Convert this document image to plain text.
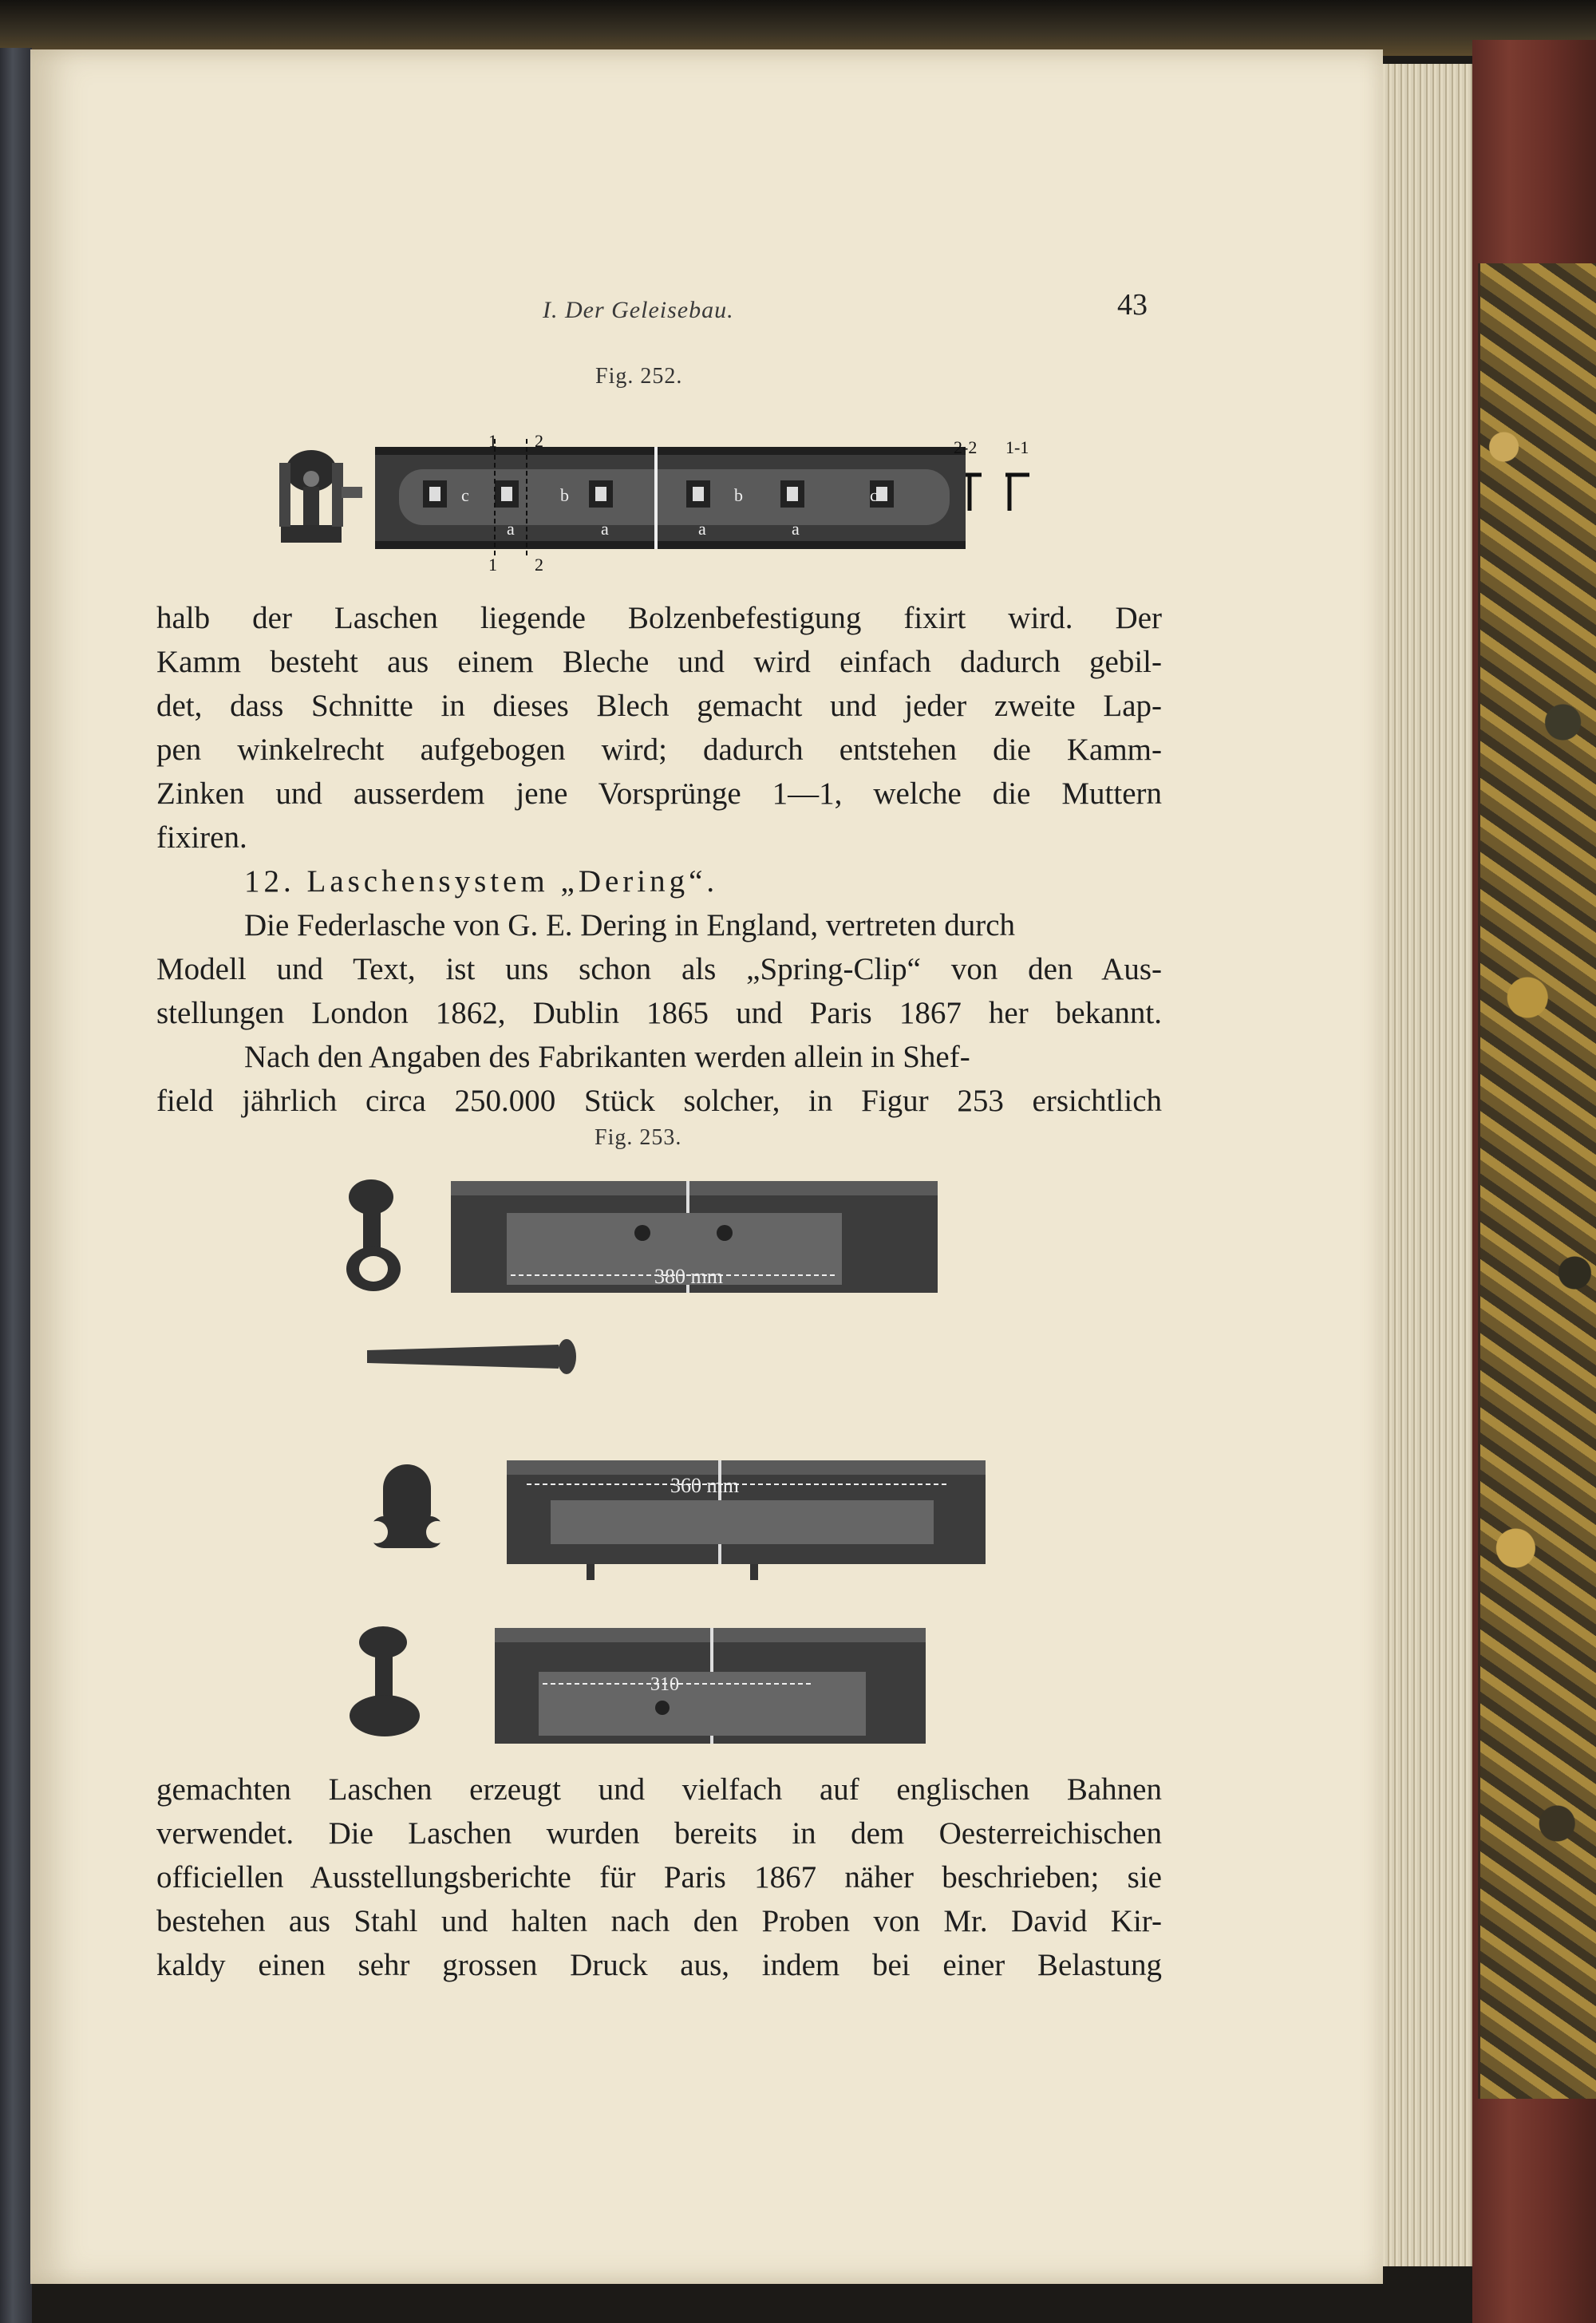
I. Der Geleisebau.	43
Fig. 252.
1 2
1 2
c	b	b	c
a	a	a	a
2-2 1-1

halb der Laschen liegende Bolzenbefestigung fixirt wird. Der

Kamm besteht aus einem Bleche und wird einfach dadurch gebil-

det, dass Schnitte in dieses Blech gemacht und jeder zweite Lap-

pen winkelrecht aufgebogen wird; dadurch entstehen die Kamm-

Zinken und ausserdem jene Vorsprünge 1—1, welche die Muttern

fixiren.

12. Laschensystem „Dering“.

Die Federlasche von G. E. Dering in England, vertreten durch

Modell und Text, ist uns schon als „Spring-Clip“ von den Aus-

stellungen London 1862, Dublin 1865 und Paris 1867 her bekannt.

Nach den Angaben des Fabrikanten werden allein in Shef-

field jährlich circa 250.000 Stück solcher, in Figur 253 ersichtlich

Fig. 253.
380 mm
360 mm
310

gemachten Laschen erzeugt und vielfach auf englischen Bahnen

verwendet. Die Laschen wurden bereits in dem Oesterreichischen

officiellen Ausstellungsberichte für Paris 1867 näher beschrieben; sie

bestehen aus Stahl und halten nach den Proben von Mr. David Kir-

kaldy einen sehr grossen Druck aus, indem bei einer Belastung
